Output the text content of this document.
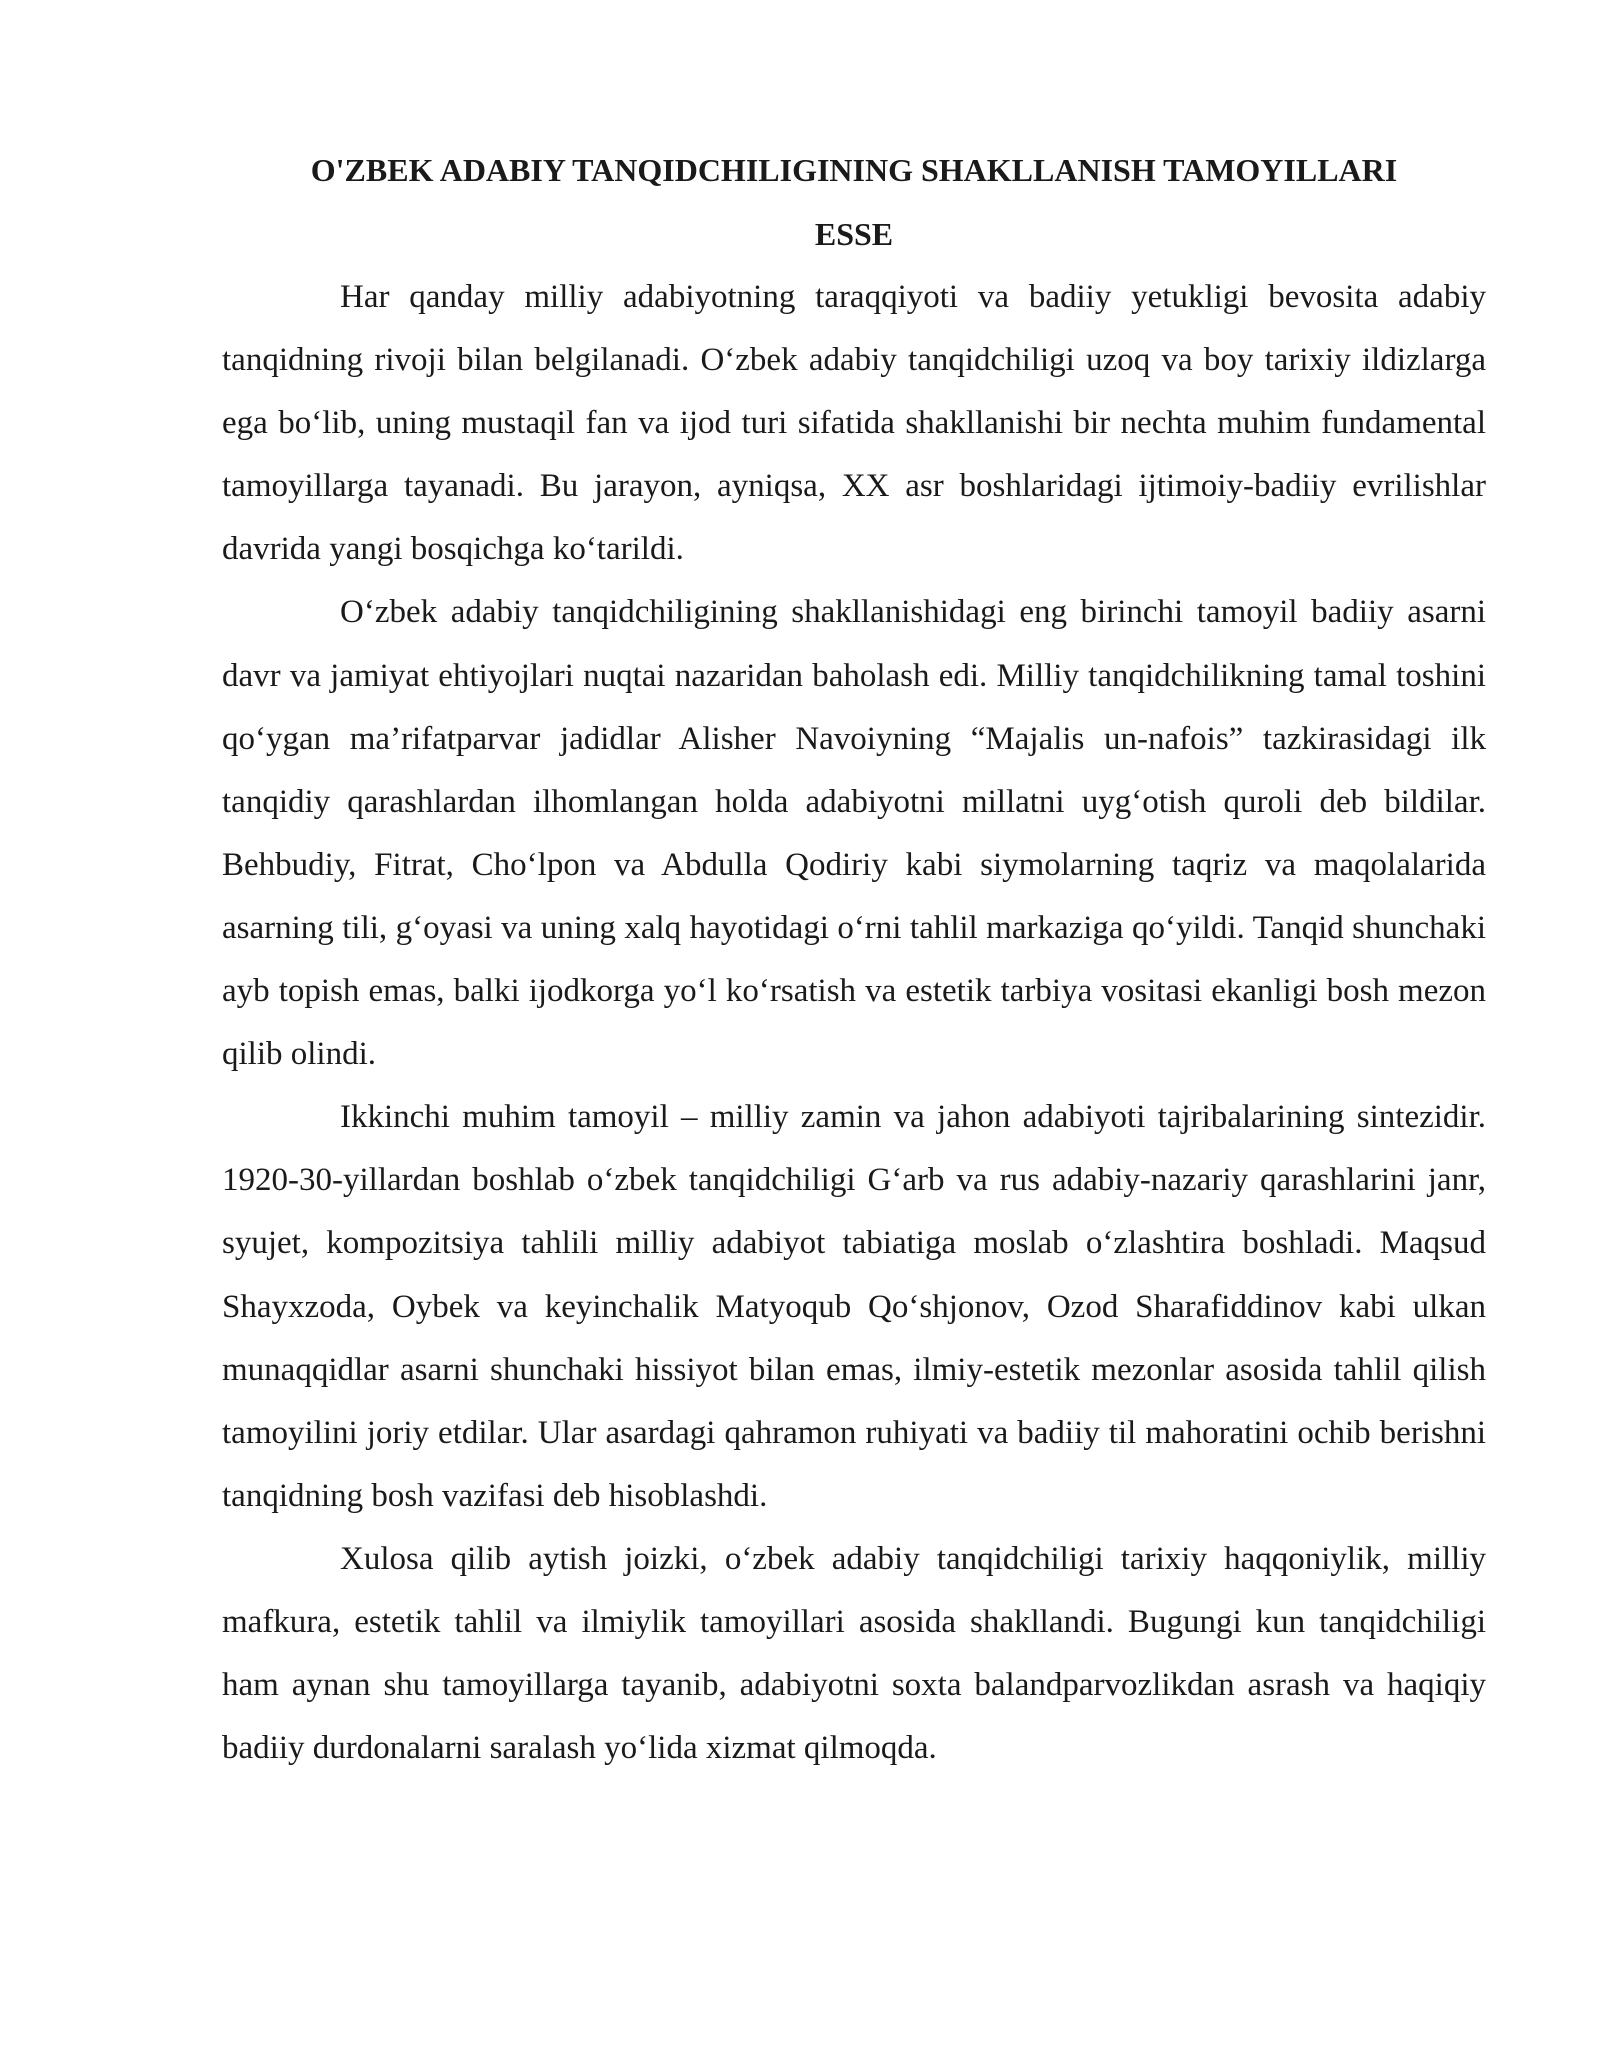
O'ZBEK ADABIY TANQIDCHILIGINING SHAKLLANISH TAMOYILLARI

ESSE

Har qanday milliy adabiyotning taraqqiyoti va badiiy yetukligi bevosita adabiy tanqidning rivoji bilan belgilanadi. O‘zbek adabiy tanqidchiligi uzoq va boy tarixiy ildizlarga ega bo‘lib, uning mustaqil fan va ijod turi sifatida shakllanishi bir nechta muhim fundamental tamoyillarga tayanadi. Bu jarayon, ayniqsa, XX asr boshlaridagi ijtimoiy-badiiy evrilishlar davrida yangi bosqichga ko‘tarildi.

O‘zbek adabiy tanqidchiligining shakllanishidagi eng birinchi tamoyil badiiy asarni davr va jamiyat ehtiyojlari nuqtai nazaridan baholash edi. Milliy tanqidchilikning tamal toshini qo‘ygan ma’rifatparvar jadidlar Alisher Navoiyning “Majalis un-nafois” tazkirasidagi ilk tanqidiy qarashlardan ilhomlangan holda adabiyotni millatni uyg‘otish quroli deb bildilar. Behbudiy, Fitrat, Cho‘lpon va Abdulla Qodiriy kabi siymolarning taqriz va maqolalarida asarning tili, g‘oyasi va uning xalq hayotidagi o‘rni tahlil markaziga qo‘yildi. Tanqid shunchaki ayb topish emas, balki ijodkorga yo‘l ko‘rsatish va estetik tarbiya vositasi ekanligi bosh mezon qilib olindi.

Ikkinchi muhim tamoyil – milliy zamin va jahon adabiyoti tajribalarining sintezidir. 1920-30-yillardan boshlab o‘zbek tanqidchiligi G‘arb va rus adabiy-nazariy qarashlarini janr, syujet, kompozitsiya tahlili milliy adabiyot tabiatiga moslab o‘zlashtira boshladi. Maqsud Shayxzoda, Oybek va keyinchalik Matyoqub Qo‘shjonov, Ozod Sharafiddinov kabi ulkan munaqqidlar asarni shunchaki hissiyot bilan emas, ilmiy-estetik mezonlar asosida tahlil qilish tamoyilini joriy etdilar. Ular asardagi qahramon ruhiyati va badiiy til mahoratini ochib berishni tanqidning bosh vazifasi deb hisoblashdi.

Xulosa qilib aytish joizki, o‘zbek adabiy tanqidchiligi tarixiy haqqoniylik, milliy mafkura, estetik tahlil va ilmiylik tamoyillari asosida shakllandi. Bugungi kun tanqidchiligi ham aynan shu tamoyillarga tayanib, adabiyotni soxta balandparvozlikdan asrash va haqiqiy badiiy durdonalarni saralash yo‘lida xizmat qilmoqda.
